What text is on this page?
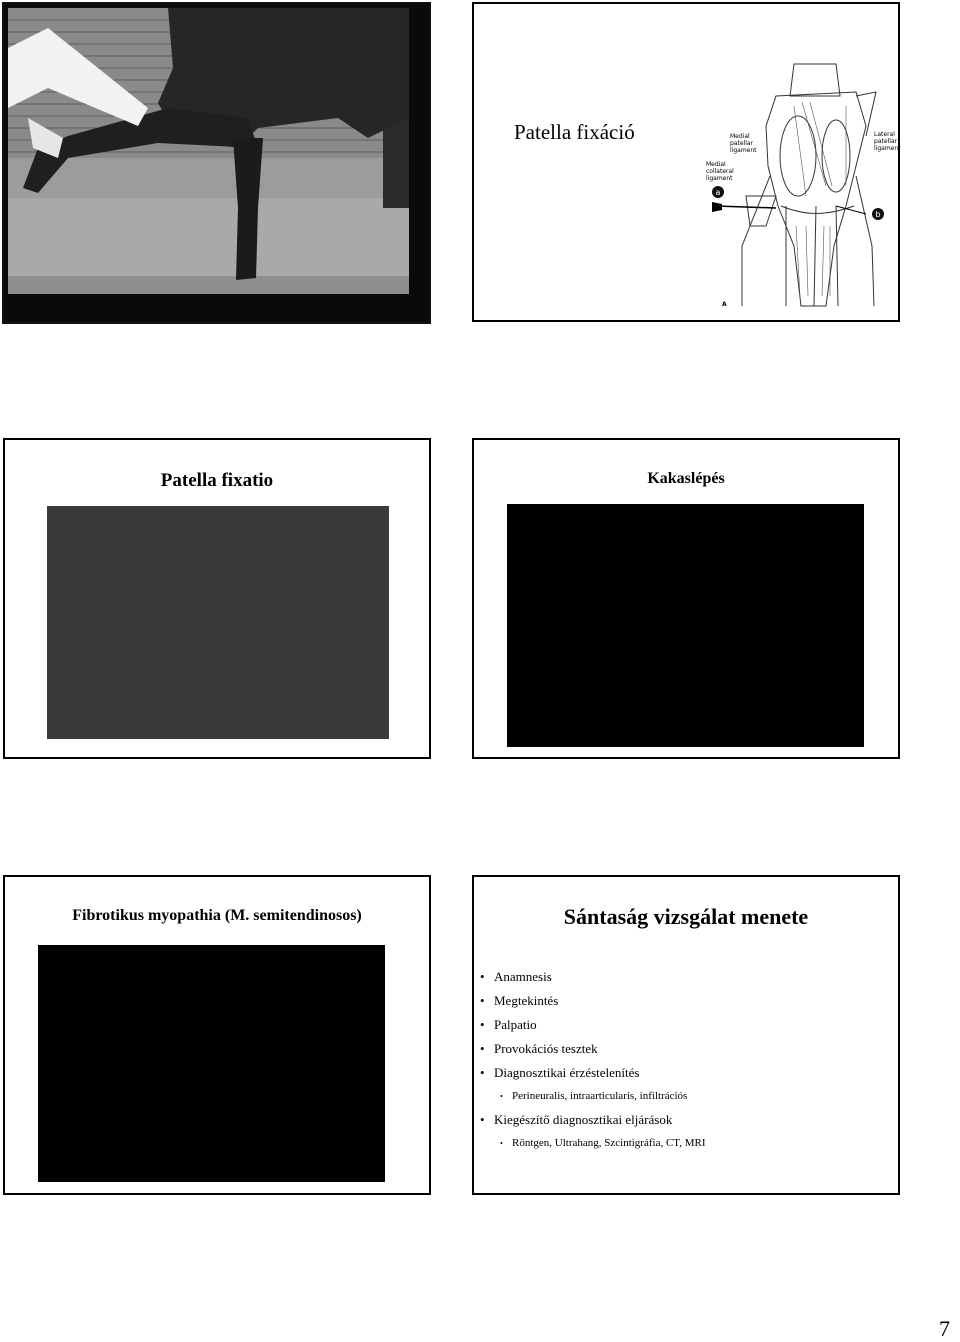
Patella fixáció
a
b
Medial
patellar
ligament
Medial
collateral
ligament
Lateral
patellar
ligament
A
Patella fixatio	Kakaslépés
Fibrotikus myopathia (M. semitendinosos)	Sántaság vizsgálat menete
• Anamnesis
• Megtekintés
• Palpatio
• Provokációs tesztek
• Diagnosztikai érzéstelenítés
• Perineuralis, intraarticularis, infiltrációs
• Kiegészítő diagnosztikai eljárások
• Röntgen, Ultrahang, Szcintigráfia, CT, MRI
7
